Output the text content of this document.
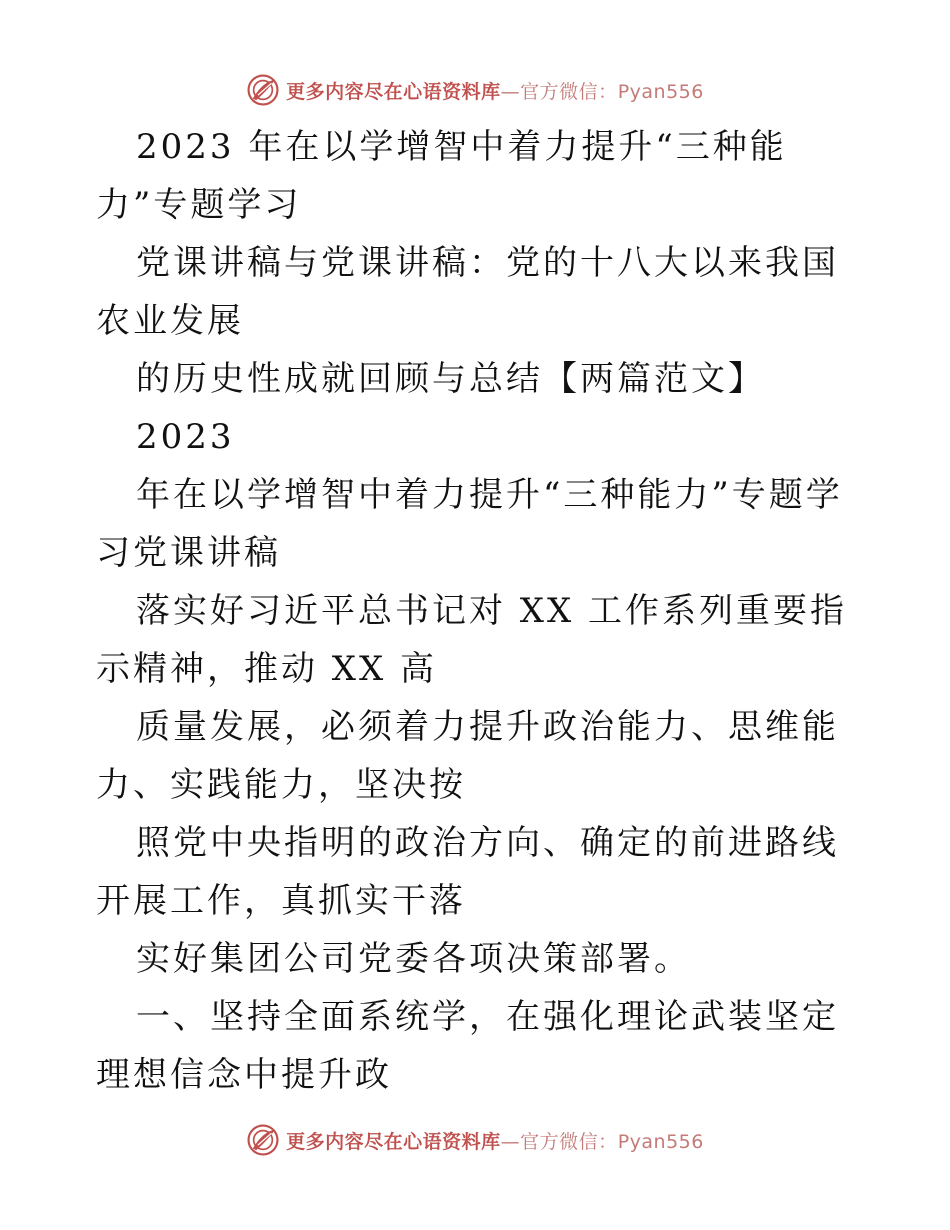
更多内容尽在心语资料库—官方微信：Pyan556

2023 年在以学增智中着力提升“三种能力”专题学习

党课讲稿与党课讲稿：党的十八大以来我国农业发展

的历史性成就回顾与总结【两篇范文】

2023

年在以学增智中着力提升“三种能力”专题学习党课讲稿

落实好习近平总书记对 XX 工作系列重要指示精神，推动 XX 高

质量发展，必须着力提升政治能力、思维能力、实践能力，坚决按

照党中央指明的政治方向、确定的前进路线开展工作，真抓实干落

实好集团公司党委各项决策部署。

一、坚持全面系统学，在强化理论武装坚定理想信念中提升政

更多内容尽在心语资料库—官方微信：Pyan556
